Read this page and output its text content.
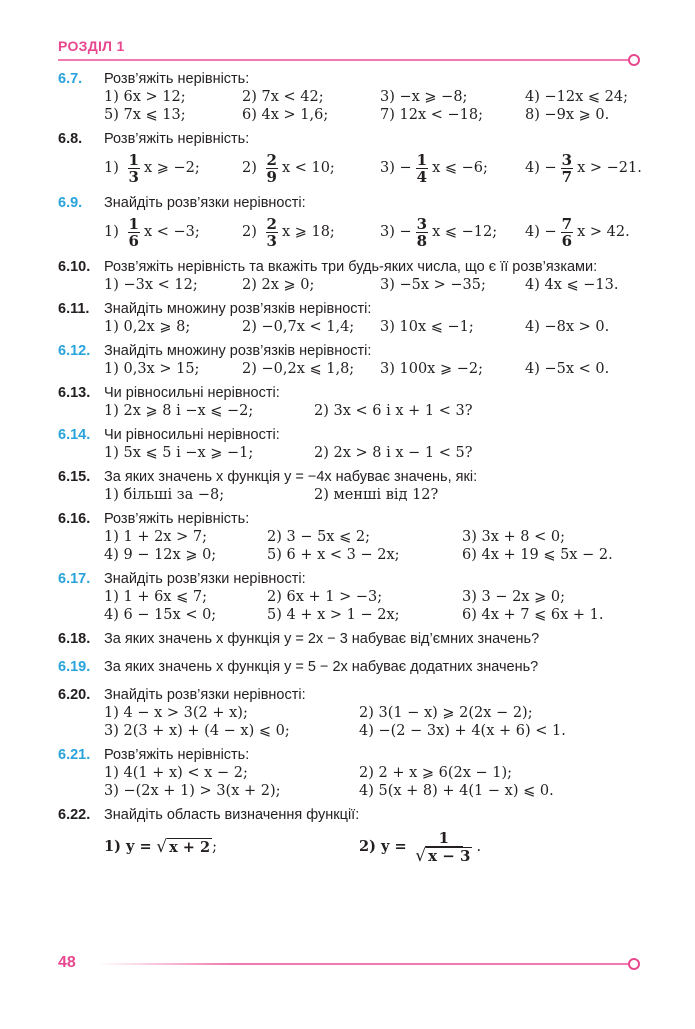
РОЗДІЛ 1
6.7. Розв’яжіть нерівність:
1) 6x > 12;	2) 7x < 42;	3) −x ⩾ −8;	4) −12x ⩽ 24;
5) 7x ⩽ 13;	6) 4x > 1,6;	7) 12x < −18;	8) −9x ⩾ 0.
6.8. Розв’яжіть нерівність:
1)
$\frac{1}{3}$ x ⩾ −2;	2)
$\frac{2}{9}$ x < 10;	3)
− $\frac{1}{4}$ x ⩽ −6;	4)
− $\frac{3}{7}$ x > −21.
6.9. Знайдіть розв’язки нерівності:
1)
$\frac{1}{6}$ x < −3;	2)
$\frac{2}{3}$ x ⩾ 18;	3)
− $\frac{3}{8}$ x ⩽ −12; 4)
− $\frac{7}{6}$ x > 42.
6.10. Розв’яжіть нерівність та вкажіть три будь-яких числа, що є її розв’язками:
1) −3x < 12;	2) 2x ⩾ 0;	3) −5x > −35;	4) 4x ⩽ −13.
6.11. Знайдіть множину розв’язків нерівності:
1) 0,2x ⩾ 8;	2) −0,7x < 1,4;	3) 10x ⩽ −1;	4) −8x > 0.
6.12. Знайдіть множину розв’язків нерівності:
1) 0,3x > 15;	2) −0,2x ⩽ 1,8;	3) 100x ⩾ −2;	4) −5x < 0.
6.13. Чи рівносильні нерівності:
1) 2x ⩾ 8 і −x ⩽ −2;	2) 3x < 6 і x + 1 < 3?
6.14. Чи рівносильні нерівності:
1) 5x ⩽ 5 і −x ⩾ −1;	2) 2x > 8 і x − 1 < 5?
6.15. За яких значень x функція y = −4x набуває значень, які:
1) більші за −8;	2) менші від 12?
6.16. Розв’яжіть нерівність:
1) 1 + 2x > 7;	2) 3 − 5x ⩽ 2;	3) 3x + 8 < 0;
4) 9 − 12x ⩾ 0;	5) 6 + x < 3 − 2x;	6) 4x + 19 ⩽ 5x − 2.
6.17. Знайдіть розв’язки нерівності:
1) 1 + 6x ⩽ 7;	2) 6x + 1 > −3;	3) 3 − 2x ⩾ 0;
4) 6 − 15x < 0;	5) 4 + x > 1 − 2x;	6) 4x + 7 ⩽ 6x + 1.
6.18. За яких значень x функція y = 2x − 3 набуває від’ємних значень?
6.19. За яких значень x функція y = 5 − 2x набуває додатних значень?
6.20. Знайдіть розв’язки нерівності:
1) 4 − x > 3(2 + x);	2) 3(1 − x) ⩾ 2(2x − 2);
3) 2(3 + x) + (4 − x) ⩽ 0;	4) −(2 − 3x) + 4(x + 6) < 1.
6.21. Розв’яжіть нерівність:
1) 4(1 + x) < x − 2;	2) 2 + x ⩾ 6(2x − 1);
3) −(2x + 1) > 3(x + 2);	4) 5(x + 8) + 4(1 − x) ⩽ 0.
6.22. Знайдіть область визначення функції:
1) y =
√ x + 2 ;	2) y =
$\frac{1}{√ x - 3}$ .
48
